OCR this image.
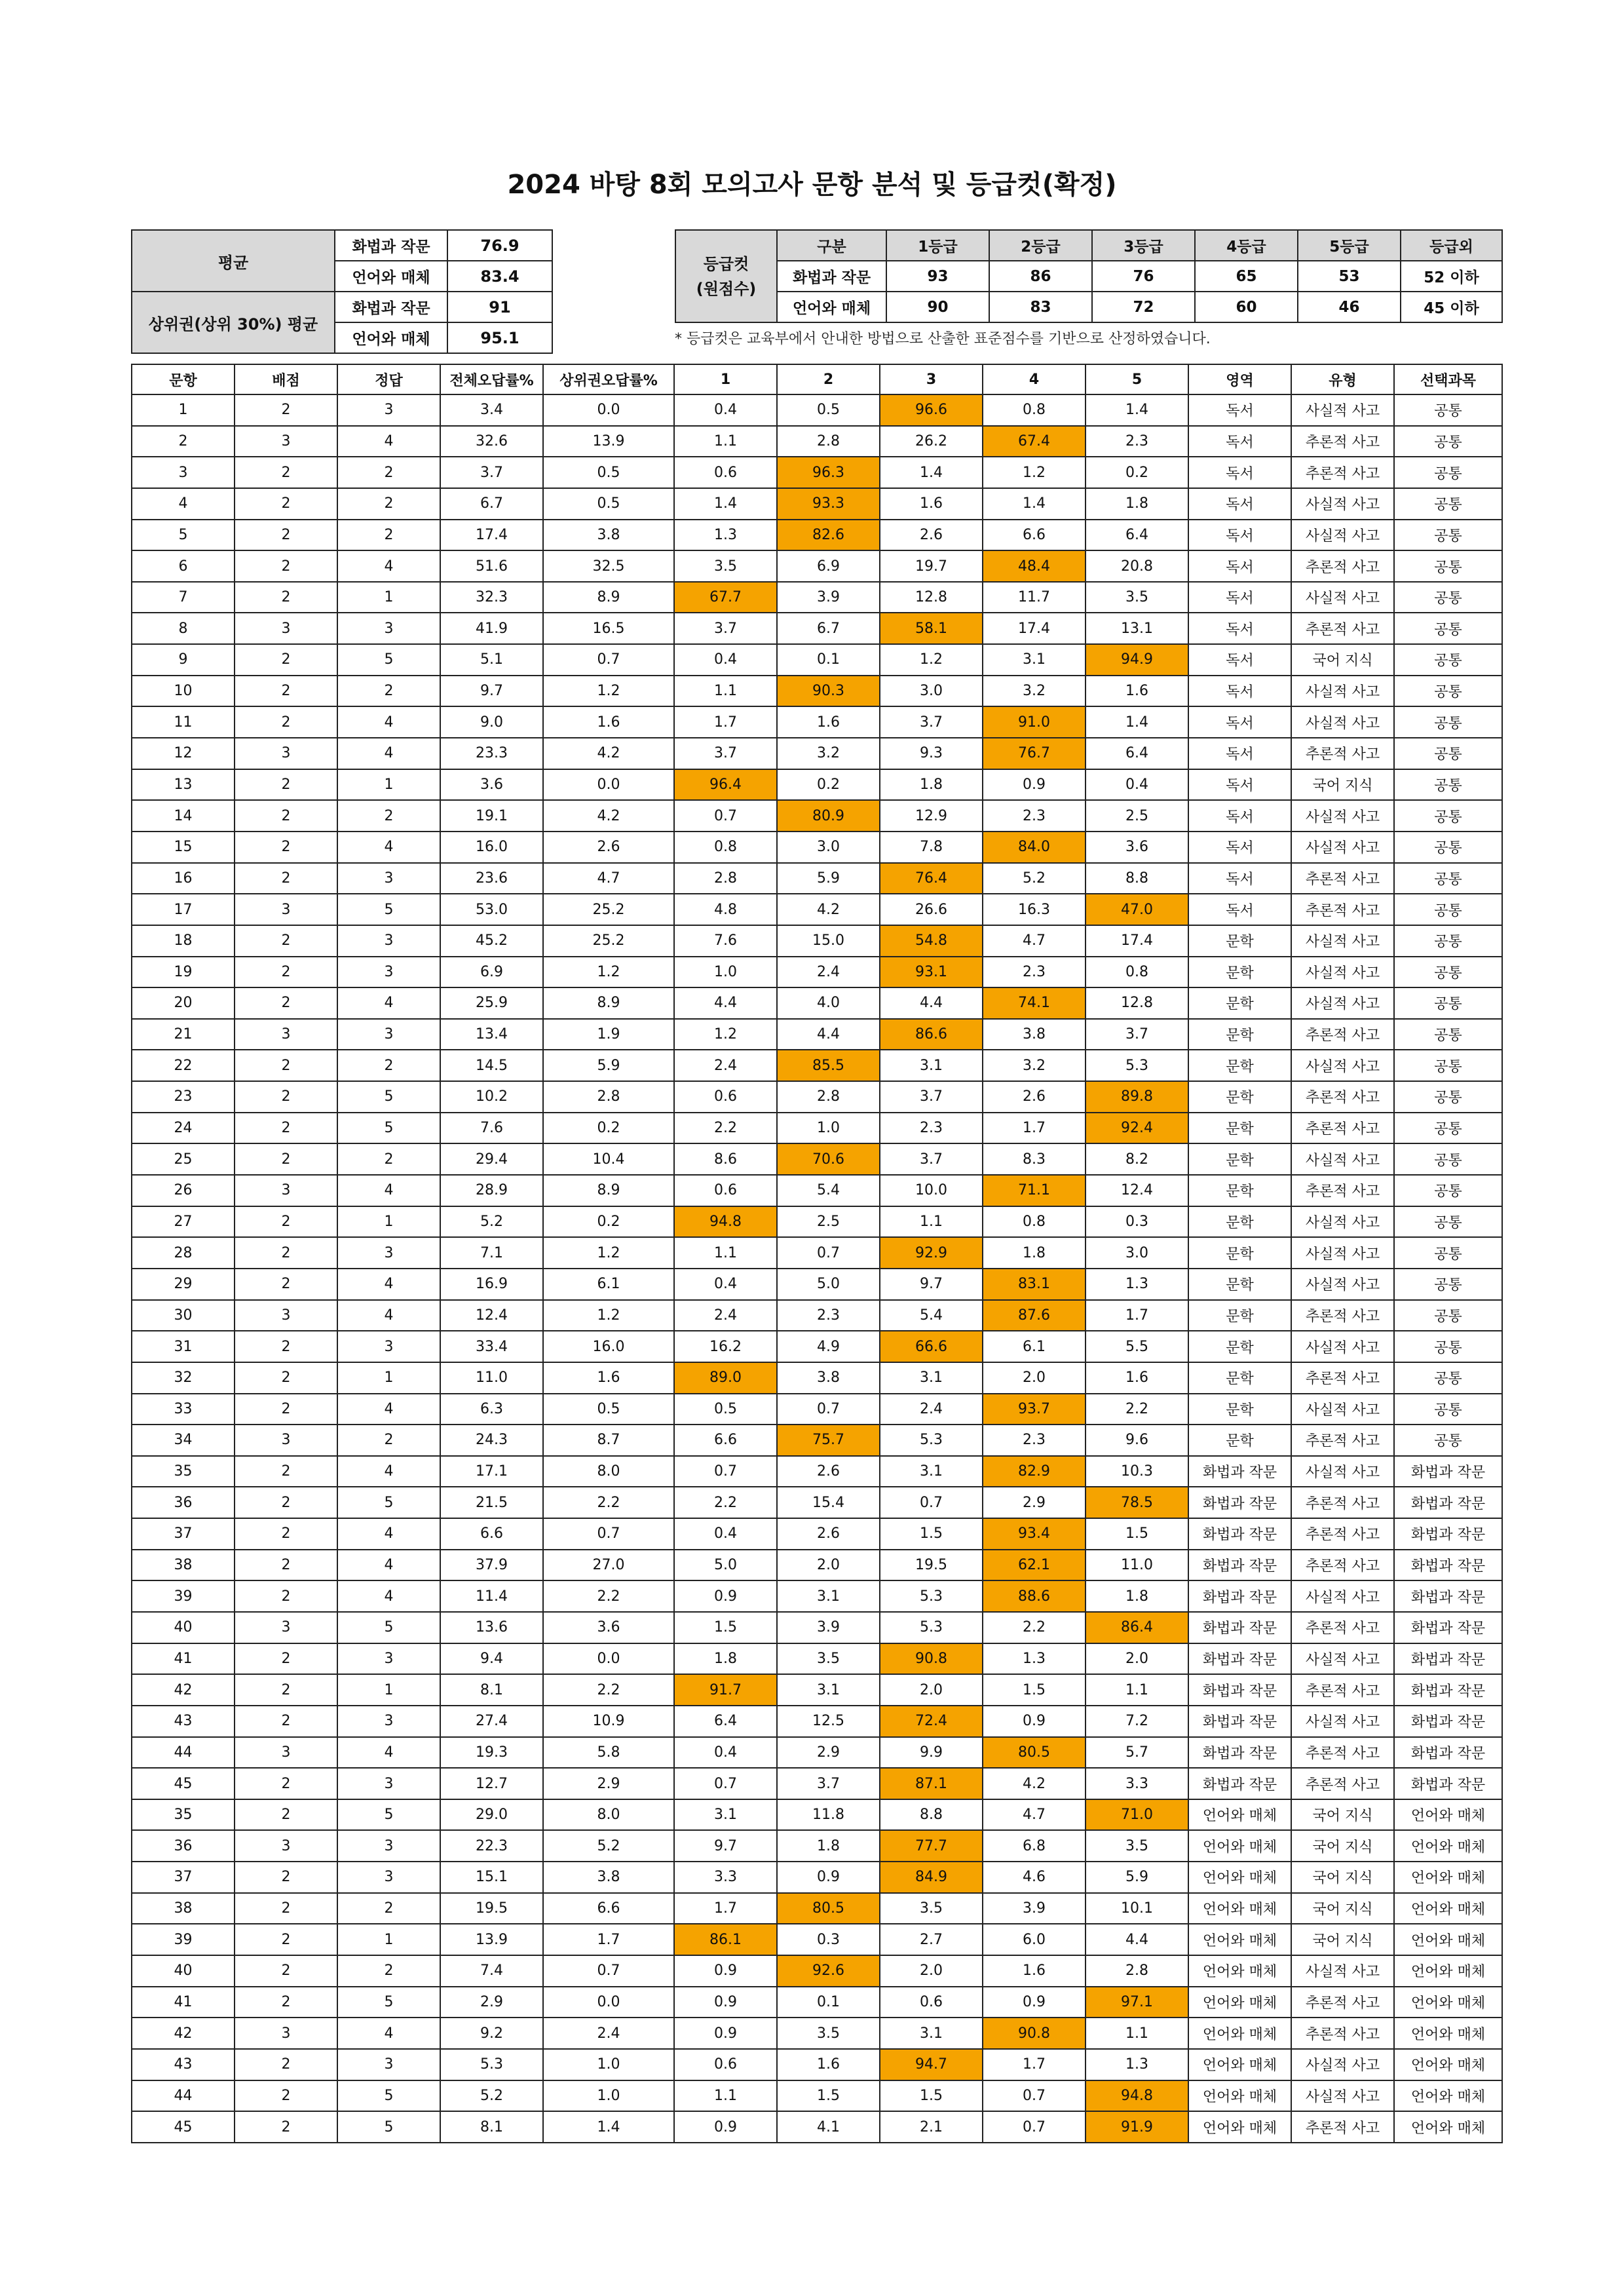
2024 바탕 8회 모의고사 문항 분석 및 등급컷(확정)
평균	화법과 작문	76.9
	언어와 매체	83.4
상위권(상위 30%) 평균	화법과 작문	91
	언어와 매체	95.1
등급컷
(원점수)	구분	1등급	2등급	3등급	4등급	5등급	등급외
	화법과 작문	93	86	76	65	53	52 이하
	언어와 매체	90	83	72	60	46	45 이하
* 등급컷은 교육부에서 안내한 방법으로 산출한 표준점수를 기반으로 산정하였습니다.
문항	배점	정답	전체오답률%	상위권오답률%	1	2	3	4	5	영역	유형	선택과목
1	2	3	3.4	0.0	0.4	0.5	96.6	0.8	1.4	독서	사실적 사고	공통
2	3	4	32.6	13.9	1.1	2.8	26.2	67.4	2.3	독서	추론적 사고	공통
3	2	2	3.7	0.5	0.6	96.3	1.4	1.2	0.2	독서	추론적 사고	공통
4	2	2	6.7	0.5	1.4	93.3	1.6	1.4	1.8	독서	사실적 사고	공통
5	2	2	17.4	3.8	1.3	82.6	2.6	6.6	6.4	독서	사실적 사고	공통
6	2	4	51.6	32.5	3.5	6.9	19.7	48.4	20.8	독서	추론적 사고	공통
7	2	1	32.3	8.9	67.7	3.9	12.8	11.7	3.5	독서	사실적 사고	공통
8	3	3	41.9	16.5	3.7	6.7	58.1	17.4	13.1	독서	추론적 사고	공통
9	2	5	5.1	0.7	0.4	0.1	1.2	3.1	94.9	독서	국어 지식	공통
10	2	2	9.7	1.2	1.1	90.3	3.0	3.2	1.6	독서	사실적 사고	공통
11	2	4	9.0	1.6	1.7	1.6	3.7	91.0	1.4	독서	사실적 사고	공통
12	3	4	23.3	4.2	3.7	3.2	9.3	76.7	6.4	독서	추론적 사고	공통
13	2	1	3.6	0.0	96.4	0.2	1.8	0.9	0.4	독서	국어 지식	공통
14	2	2	19.1	4.2	0.7	80.9	12.9	2.3	2.5	독서	사실적 사고	공통
15	2	4	16.0	2.6	0.8	3.0	7.8	84.0	3.6	독서	사실적 사고	공통
16	2	3	23.6	4.7	2.8	5.9	76.4	5.2	8.8	독서	추론적 사고	공통
17	3	5	53.0	25.2	4.8	4.2	26.6	16.3	47.0	독서	추론적 사고	공통
18	2	3	45.2	25.2	7.6	15.0	54.8	4.7	17.4	문학	사실적 사고	공통
19	2	3	6.9	1.2	1.0	2.4	93.1	2.3	0.8	문학	사실적 사고	공통
20	2	4	25.9	8.9	4.4	4.0	4.4	74.1	12.8	문학	사실적 사고	공통
21	3	3	13.4	1.9	1.2	4.4	86.6	3.8	3.7	문학	추론적 사고	공통
22	2	2	14.5	5.9	2.4	85.5	3.1	3.2	5.3	문학	사실적 사고	공통
23	2	5	10.2	2.8	0.6	2.8	3.7	2.6	89.8	문학	추론적 사고	공통
24	2	5	7.6	0.2	2.2	1.0	2.3	1.7	92.4	문학	추론적 사고	공통
25	2	2	29.4	10.4	8.6	70.6	3.7	8.3	8.2	문학	사실적 사고	공통
26	3	4	28.9	8.9	0.6	5.4	10.0	71.1	12.4	문학	추론적 사고	공통
27	2	1	5.2	0.2	94.8	2.5	1.1	0.8	0.3	문학	사실적 사고	공통
28	2	3	7.1	1.2	1.1	0.7	92.9	1.8	3.0	문학	사실적 사고	공통
29	2	4	16.9	6.1	0.4	5.0	9.7	83.1	1.3	문학	사실적 사고	공통
30	3	4	12.4	1.2	2.4	2.3	5.4	87.6	1.7	문학	추론적 사고	공통
31	2	3	33.4	16.0	16.2	4.9	66.6	6.1	5.5	문학	사실적 사고	공통
32	2	1	11.0	1.6	89.0	3.8	3.1	2.0	1.6	문학	추론적 사고	공통
33	2	4	6.3	0.5	0.5	0.7	2.4	93.7	2.2	문학	사실적 사고	공통
34	3	2	24.3	8.7	6.6	75.7	5.3	2.3	9.6	문학	추론적 사고	공통
35	2	4	17.1	8.0	0.7	2.6	3.1	82.9	10.3	화법과 작문	사실적 사고	화법과 작문
36	2	5	21.5	2.2	2.2	15.4	0.7	2.9	78.5	화법과 작문	추론적 사고	화법과 작문
37	2	4	6.6	0.7	0.4	2.6	1.5	93.4	1.5	화법과 작문	추론적 사고	화법과 작문
38	2	4	37.9	27.0	5.0	2.0	19.5	62.1	11.0	화법과 작문	추론적 사고	화법과 작문
39	2	4	11.4	2.2	0.9	3.1	5.3	88.6	1.8	화법과 작문	사실적 사고	화법과 작문
40	3	5	13.6	3.6	1.5	3.9	5.3	2.2	86.4	화법과 작문	추론적 사고	화법과 작문
41	2	3	9.4	0.0	1.8	3.5	90.8	1.3	2.0	화법과 작문	사실적 사고	화법과 작문
42	2	1	8.1	2.2	91.7	3.1	2.0	1.5	1.1	화법과 작문	추론적 사고	화법과 작문
43	2	3	27.4	10.9	6.4	12.5	72.4	0.9	7.2	화법과 작문	사실적 사고	화법과 작문
44	3	4	19.3	5.8	0.4	2.9	9.9	80.5	5.7	화법과 작문	추론적 사고	화법과 작문
45	2	3	12.7	2.9	0.7	3.7	87.1	4.2	3.3	화법과 작문	추론적 사고	화법과 작문
35	2	5	29.0	8.0	3.1	11.8	8.8	4.7	71.0	언어와 매체	국어 지식	언어와 매체
36	3	3	22.3	5.2	9.7	1.8	77.7	6.8	3.5	언어와 매체	국어 지식	언어와 매체
37	2	3	15.1	3.8	3.3	0.9	84.9	4.6	5.9	언어와 매체	국어 지식	언어와 매체
38	2	2	19.5	6.6	1.7	80.5	3.5	3.9	10.1	언어와 매체	국어 지식	언어와 매체
39	2	1	13.9	1.7	86.1	0.3	2.7	6.0	4.4	언어와 매체	국어 지식	언어와 매체
40	2	2	7.4	0.7	0.9	92.6	2.0	1.6	2.8	언어와 매체	사실적 사고	언어와 매체
41	2	5	2.9	0.0	0.9	0.1	0.6	0.9	97.1	언어와 매체	추론적 사고	언어와 매체
42	3	4	9.2	2.4	0.9	3.5	3.1	90.8	1.1	언어와 매체	추론적 사고	언어와 매체
43	2	3	5.3	1.0	0.6	1.6	94.7	1.7	1.3	언어와 매체	사실적 사고	언어와 매체
44	2	5	5.2	1.0	1.1	1.5	1.5	0.7	94.8	언어와 매체	사실적 사고	언어와 매체
45	2	5	8.1	1.4	0.9	4.1	2.1	0.7	91.9	언어와 매체	추론적 사고	언어와 매체
